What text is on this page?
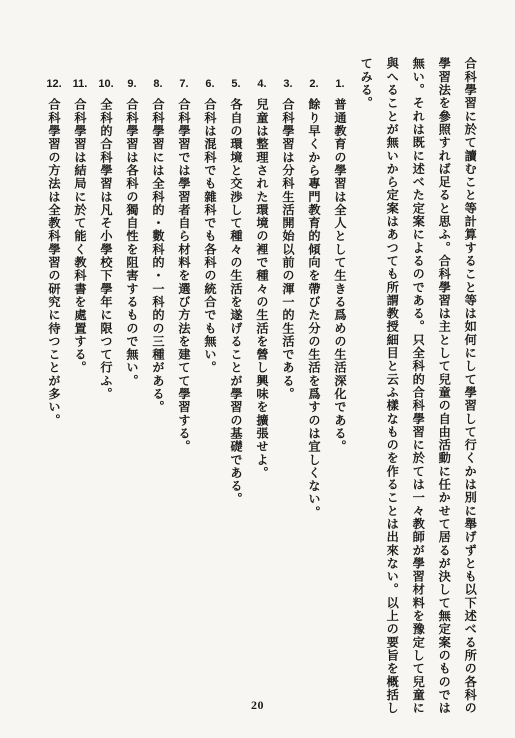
合科學習に於て讀むこと等計算すること等は如何にして學習して行くかは別に舉げずとも以下述べる所の各科の
學習法を參照すれば足ると思ふ。合科學習は主として兒童の自由活動に任かせて居るが決して無定案のものでは
無い。それは既に述べた定案によるのである。只全科的合科學習に於ては一々教師が學習材料を豫定して兒童に
與へることが無いから定案はあつても所謂教授細目と云ふ樣なものを作ることは出來ない。以上の要旨を概括し
てみる。
1.
普通教育の學習は全人として生きる爲めの生活深化である。
2.
餘り早くから專門教育的傾向を帶びた分の生活を爲すのは宜しくない。
3.
合科學習は分科生活開始以前の渾一的生活である。
4.
兒童は整理された環境の裡で種々の生活を營し興味を擴張せよ。
5.
各自の環境と交渉して種々の生活を遂げることが學習の基礎である。
6.
合科は混科でも雜科でも各科の統合でも無い。
7.
合科學習では學習者自ら材料を選び方法を建てて學習する。
8.
合科學習には全科的・數科的・一科的の三種がある。
9.
合科學習は各科の獨自性を阻害するもので無い。
10.
全科的合科學習は凡そ小學校下學年に限つて行ふ。
11.
合科學習は結局に於て能く教科書を處置する。
12.
合科學習の方法は全教科學習の研究に待つことが多い。
20
